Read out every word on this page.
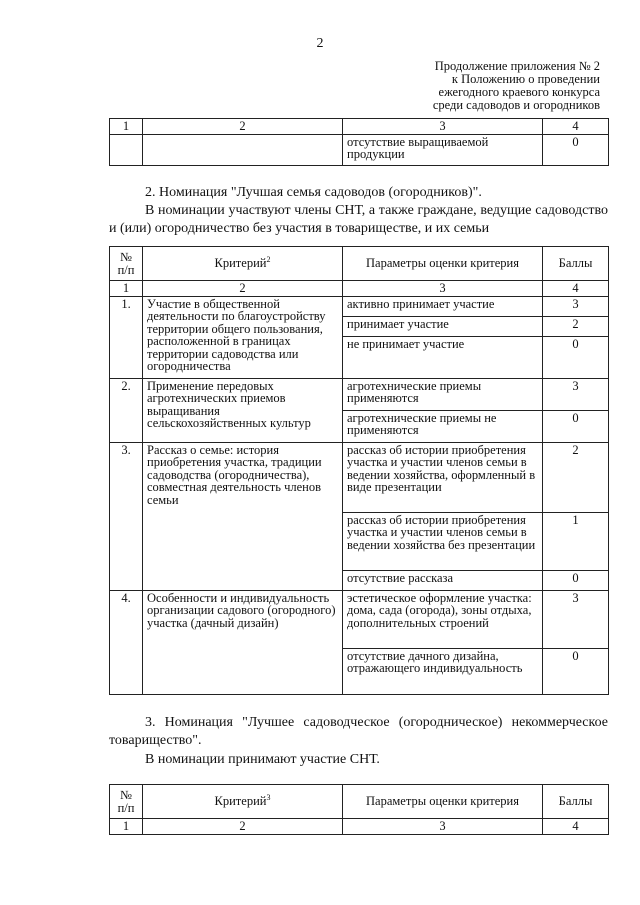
2
Продолжение приложения № 2
к Положению о проведении
ежегодного краевого конкурса
среди садоводов и огородников
1	2	3	4
		отсутствие выращиваемой продукции	0
2. Номинация "Лучшая семья садоводов (огородников)".
В номинации участвуют члены СНТ, а также граждане, ведущие садоводство и (или) огородничество без участия в товариществе, и их семьи
№ п/п	Критерий$^2$	Параметры оценки критерия	Баллы
1	2	3	4
1.	Участие в общественной деятельности по благоустройству территории общего пользования, расположенной в границах территории садоводства или огородничества	активно принимает участие	3
		принимает участие	2
		не принимает участие	0
2.	Применение передовых агротехнических приемов выращивания сельскохозяйственных культур	агротехнические приемы применяются	3
		агротехнические приемы не применяются	0
3.	Рассказ о семье: история приобретения участка, традиции садоводства (огородничества), совместная деятельность членов семьи	рассказ об истории приобретения участка и участии членов семьи в ведении хозяйства, оформленный в виде презентации	2
		рассказ об истории приобретения участка и участии членов семьи в ведении хозяйства без презентации	1
		отсутствие рассказа	0
4.	Особенности и индивидуальность организации садового (огородного) участка (дачный дизайн)	эстетическое оформление участка: дома, сада (огорода), зоны отдыха, дополнительных строений	3
		отсутствие дачного дизайна, отражающего индивидуальность	0
3. Номинация "Лучшее садоводческое (огородническое) некоммерческое товарищество".
В номинации принимают участие СНТ.
№ п/п	Критерий$^3$	Параметры оценки критерия	Баллы
1	2	3	4
